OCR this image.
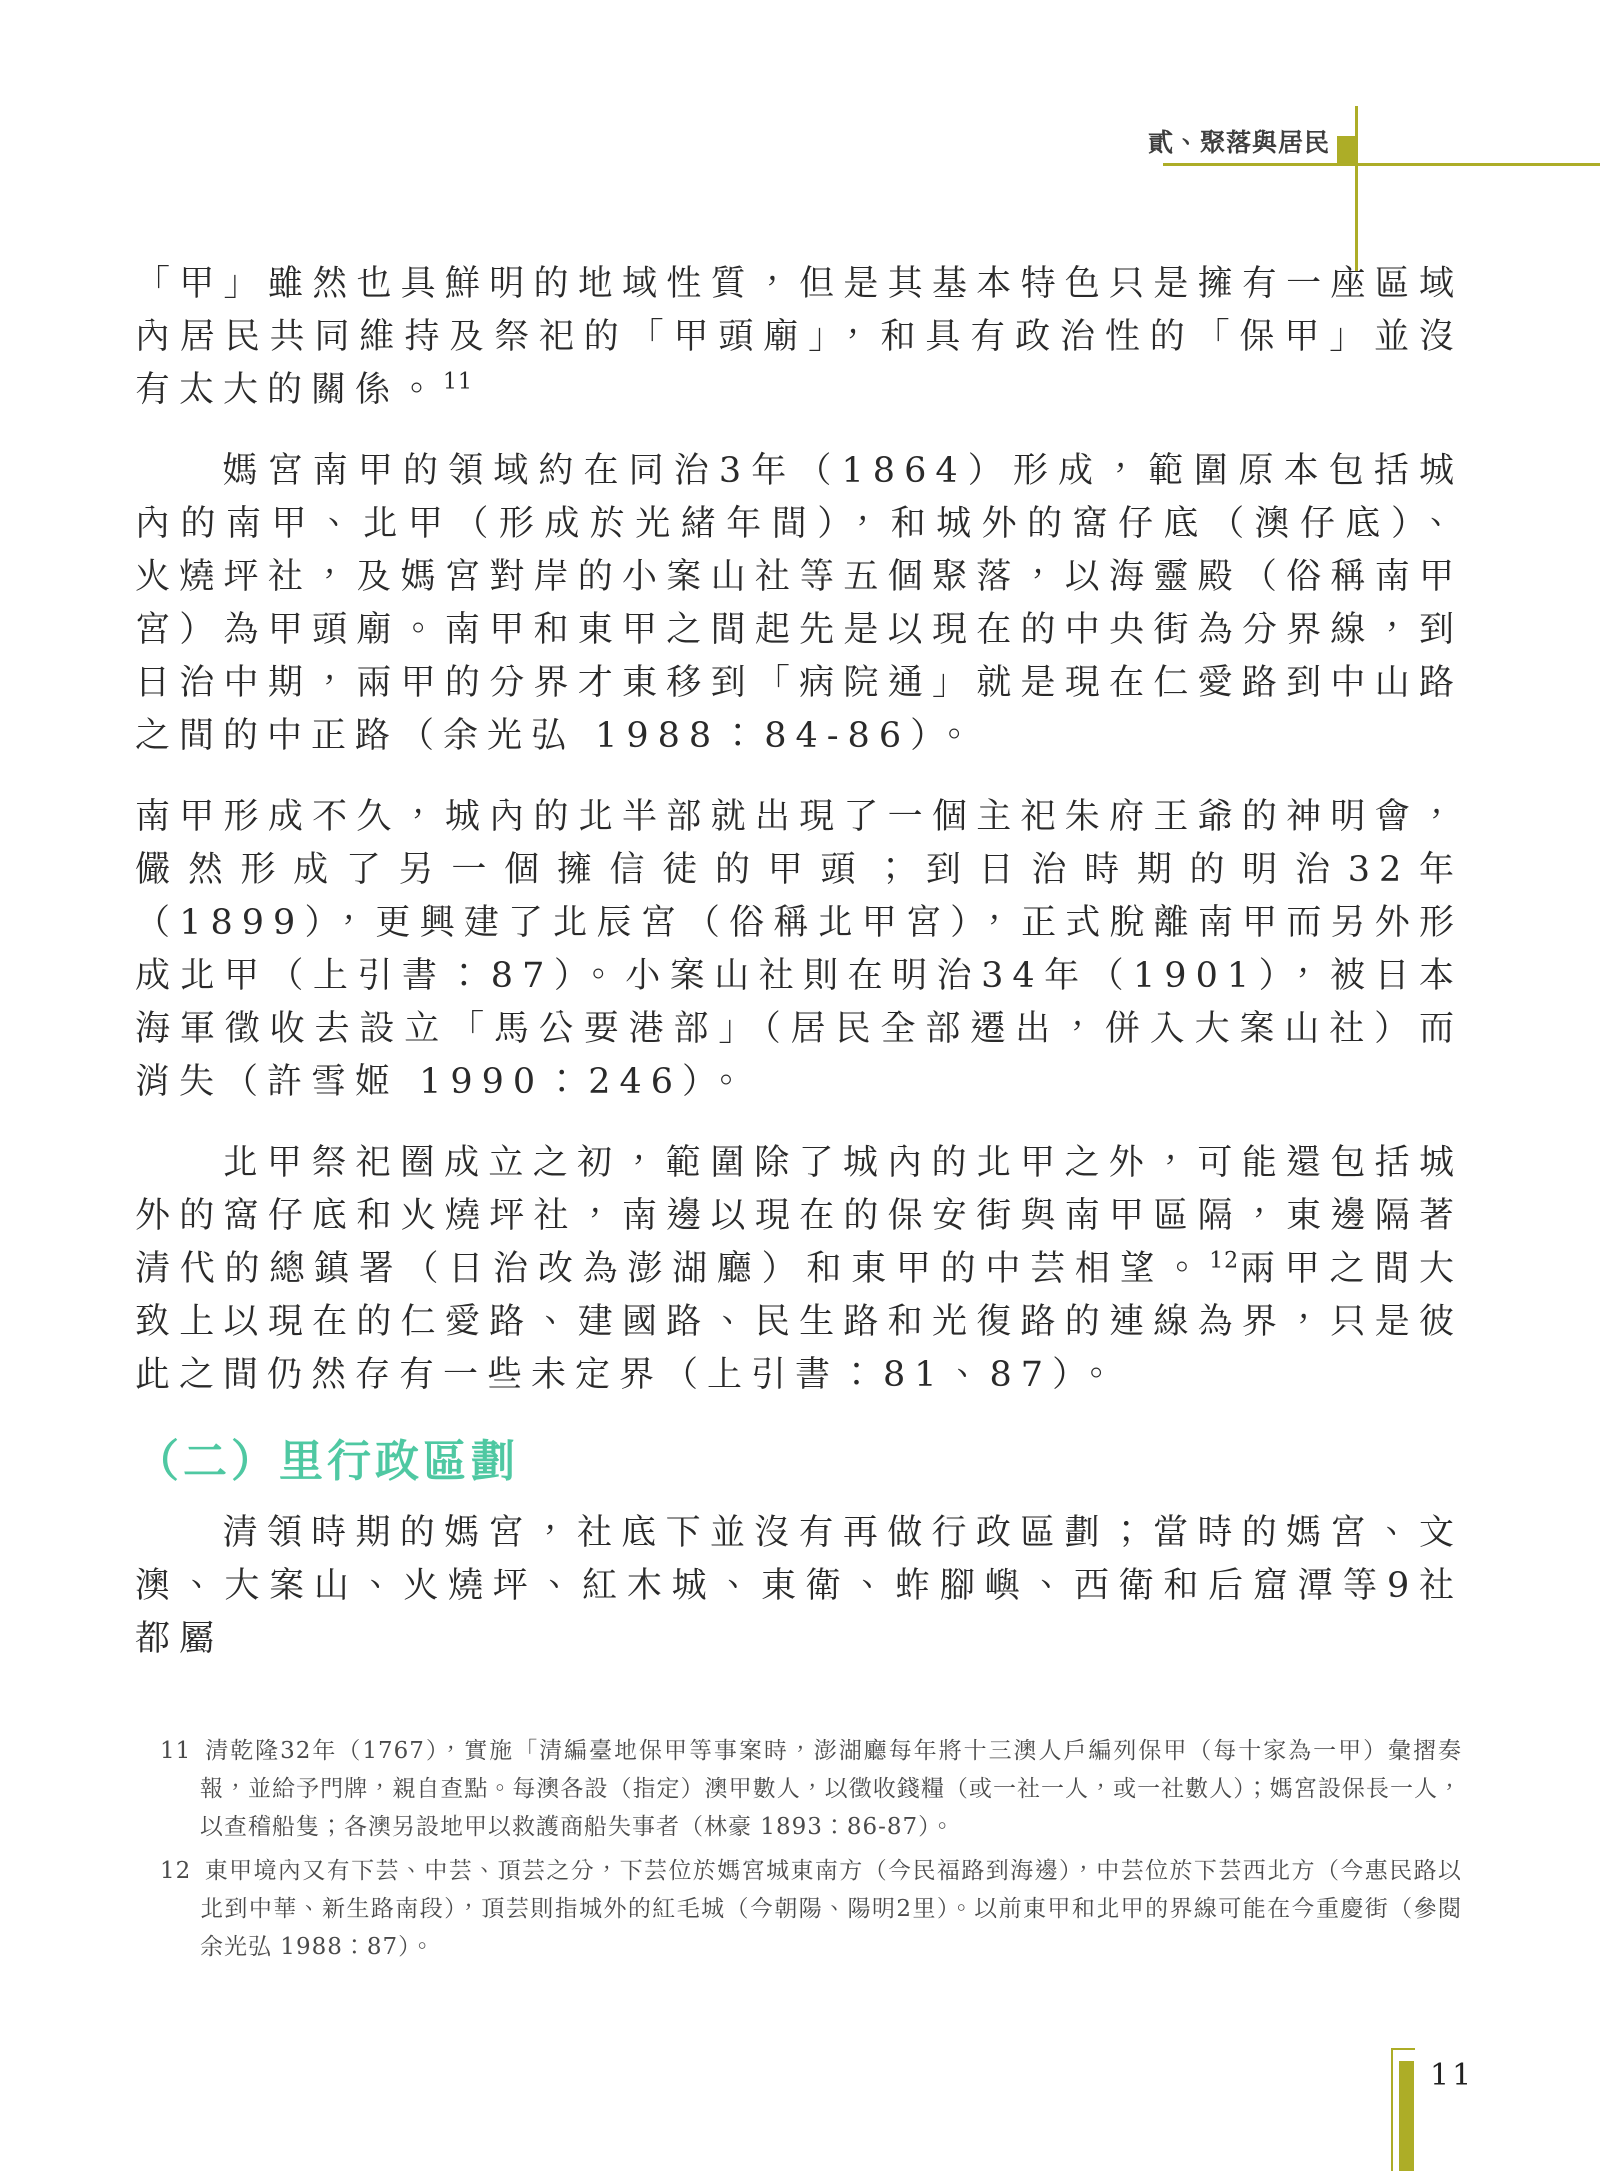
貳、聚落與居民

「甲」雖然也具鮮明的地域性質，但是其基本特色只是擁有一座區域內居民共同維持及祭祀的「甲頭廟」，和具有政治性的「保甲」並沒有太大的關係。$^{11}$

媽宮南甲的領域約在同治3年（1864）形成，範圍原本包括城內的南甲、北甲（形成於光緒年間），和城外的窩仔底（澳仔底）、火燒坪社，及媽宮對岸的小案山社等五個聚落，以海靈殿（俗稱南甲宮）為甲頭廟。南甲和東甲之間起先是以現在的中央街為分界線，到日治中期，兩甲的分界才東移到「病院通」就是現在仁愛路到中山路之間的中正路（余光弘 1988：84-86）。

南甲形成不久，城內的北半部就出現了一個主祀朱府王爺的神明會，儼然形成了另一個擁信徒的甲頭；到日治時期的明治32年（1899），更興建了北辰宮（俗稱北甲宮），正式脫離南甲而另外形成北甲（上引書：87）。小案山社則在明治34年（1901），被日本海軍徵收去設立「馬公要港部」（居民全部遷出，併入大案山社）而消失（許雪姬 1990：246）。

北甲祭祀圈成立之初，範圍除了城內的北甲之外，可能還包括城外的窩仔底和火燒坪社，南邊以現在的保安街與南甲區隔，東邊隔著清代的總鎮署（日治改為澎湖廳）和東甲的中芸相望。$^{12}$兩甲之間大致上以現在的仁愛路、建國路、民生路和光復路的連線為界，只是彼此之間仍然存有一些未定界（上引書：81、87）。

（二）里行政區劃

清領時期的媽宮，社底下並沒有再做行政區劃；當時的媽宮、文澳、大案山、火燒坪、紅木城、東衛、蚱腳嶼、西衛和后窟潭等9社都屬

11 清乾隆32年（1767），實施「清編臺地保甲等事案時，澎湖廳每年將十三澳人戶編列保甲（每十家為一甲）彙摺奏報，並給予門牌，親自查點。每澳各設（指定）澳甲數人，以徵收錢糧（或一社一人，或一社數人）；媽宮設保長一人，以查稽船隻；各澳另設地甲以救護商船失事者（林豪 1893：86-87）。
12 東甲境內又有下芸、中芸、頂芸之分，下芸位於媽宮城東南方（今民福路到海邊），中芸位於下芸西北方（今惠民路以北到中華、新生路南段），頂芸則指城外的紅毛城（今朝陽、陽明2里）。以前東甲和北甲的界線可能在今重慶街（參閱余光弘 1988：87）。
11
